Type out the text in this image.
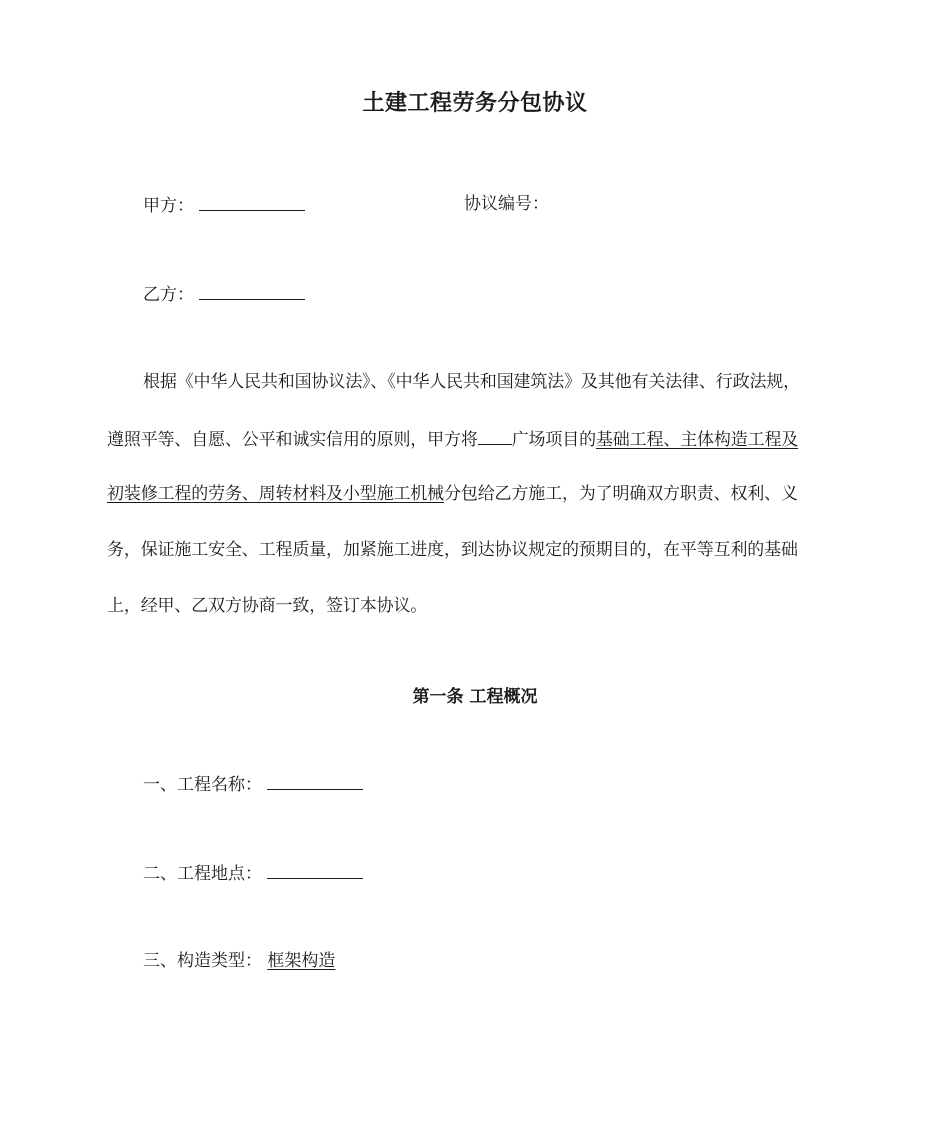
土建工程劳务分包协议
甲方：	协议编号：
乙方：
根据《中华人民共和国协议法》、《中华人民共和国建筑法》及其他有关法律、行政法规，
遵照平等、自愿、公平和诚实信用的原则，甲方将 广场项目的基础工程、主体构造工程及
初装修工程的劳务、周转材料及小型施工机械分包给乙方施工，为了明确双方职责、权利、义
务，保证施工安全、工程质量，加紧施工进度，到达协议规定的预期目的，在平等互利的基础
上，经甲、乙双方协商一致，签订本协议。
第一条 工程概况
一、工程名称：
二、工程地点：
三、构造类型： 框架构造
